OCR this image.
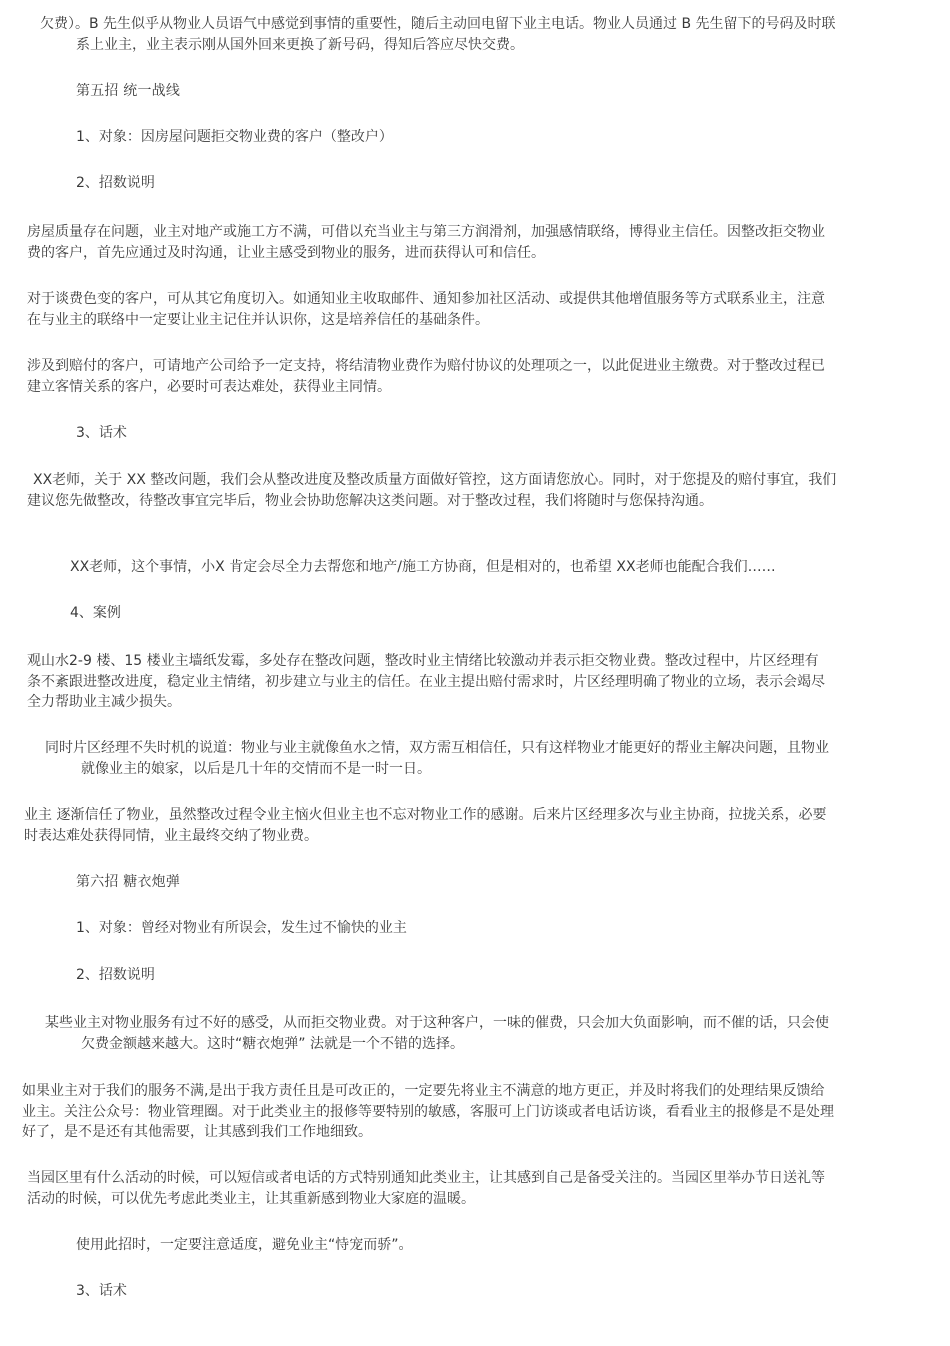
欠费）。B 先生似乎从物业人员语气中感觉到事情的重要性，随后主动回电留下业主电话。物业人员通过 B 先生留下的号码及时联系上业主，业主表示刚从国外回来更换了新号码，得知后答应尽快交费。

第五招 统一战线

1、对象：因房屋问题拒交物业费的客户（整改户）

2、招数说明

房屋质量存在问题，业主对地产或施工方不满，可借以充当业主与第三方润滑剂，加强感情联络，博得业主信任。因整改拒交物业费的客户，首先应通过及时沟通，让业主感受到物业的服务，进而获得认可和信任。

对于谈费色变的客户，可从其它角度切入。如通知业主收取邮件、通知参加社区活动、或提供其他增值服务等方式联系业主，注意在与业主的联络中一定要让业主记住并认识你，这是培养信任的基础条件。

涉及到赔付的客户，可请地产公司给予一定支持，将结清物业费作为赔付协议的处理项之一，以此促进业主缴费。对于整改过程已建立客情关系的客户，必要时可表达难处，获得业主同情。

3、话术

XX老师，关于 XX 整改问题，我们会从整改进度及整改质量方面做好管控，这方面请您放心。同时，对于您提及的赔付事宜，我们建议您先做整改，待整改事宜完毕后，物业会协助您解决这类问题。对于整改过程，我们将随时与您保持沟通。

XX老师，这个事情，小X 肯定会尽全力去帮您和地产/施工方协商，但是相对的，也希望 XX老师也能配合我们……

4、案例

观山水2-9 楼、15 楼业主墙纸发霉，多处存在整改问题，整改时业主情绪比较激动并表示拒交物业费。整改过程中，片区经理有条不紊跟进整改进度，稳定业主情绪，初步建立与业主的信任。在业主提出赔付需求时，片区经理明确了物业的立场，表示会竭尽全力帮助业主减少损失。

同时片区经理不失时机的说道：物业与业主就像鱼水之情，双方需互相信任，只有这样物业才能更好的帮业主解决问题，且物业就像业主的娘家，以后是几十年的交情而不是一时一日。

业主 逐渐信任了物业，虽然整改过程令业主恼火但业主也不忘对物业工作的感谢。后来片区经理多次与业主协商，拉拢关系，必要时表达难处获得同情，业主最终交纳了物业费。

第六招 糖衣炮弹

1、对象：曾经对物业有所误会，发生过不愉快的业主

2、招数说明

某些业主对物业服务有过不好的感受，从而拒交物业费。对于这种客户，一味的催费，只会加大负面影响，而不催的话，只会使欠费金额越来越大。这时“糖衣炮弹” 法就是一个不错的选择。

如果业主对于我们的服务不满,是出于我方责任且是可改正的，一定要先将业主不满意的地方更正，并及时将我们的处理结果反馈给业主。关注公众号：物业管理圈。对于此类业主的报修等要特别的敏感，客服可上门访谈或者电话访谈，看看业主的报修是不是处理好了，是不是还有其他需要，让其感到我们工作地细致。

当园区里有什么活动的时候，可以短信或者电话的方式特别通知此类业主，让其感到自己是备受关注的。当园区里举办节日送礼等活动的时候，可以优先考虑此类业主，让其重新感到物业大家庭的温暖。

使用此招时，一定要注意适度，避免业主“恃宠而骄”。

3、话术
